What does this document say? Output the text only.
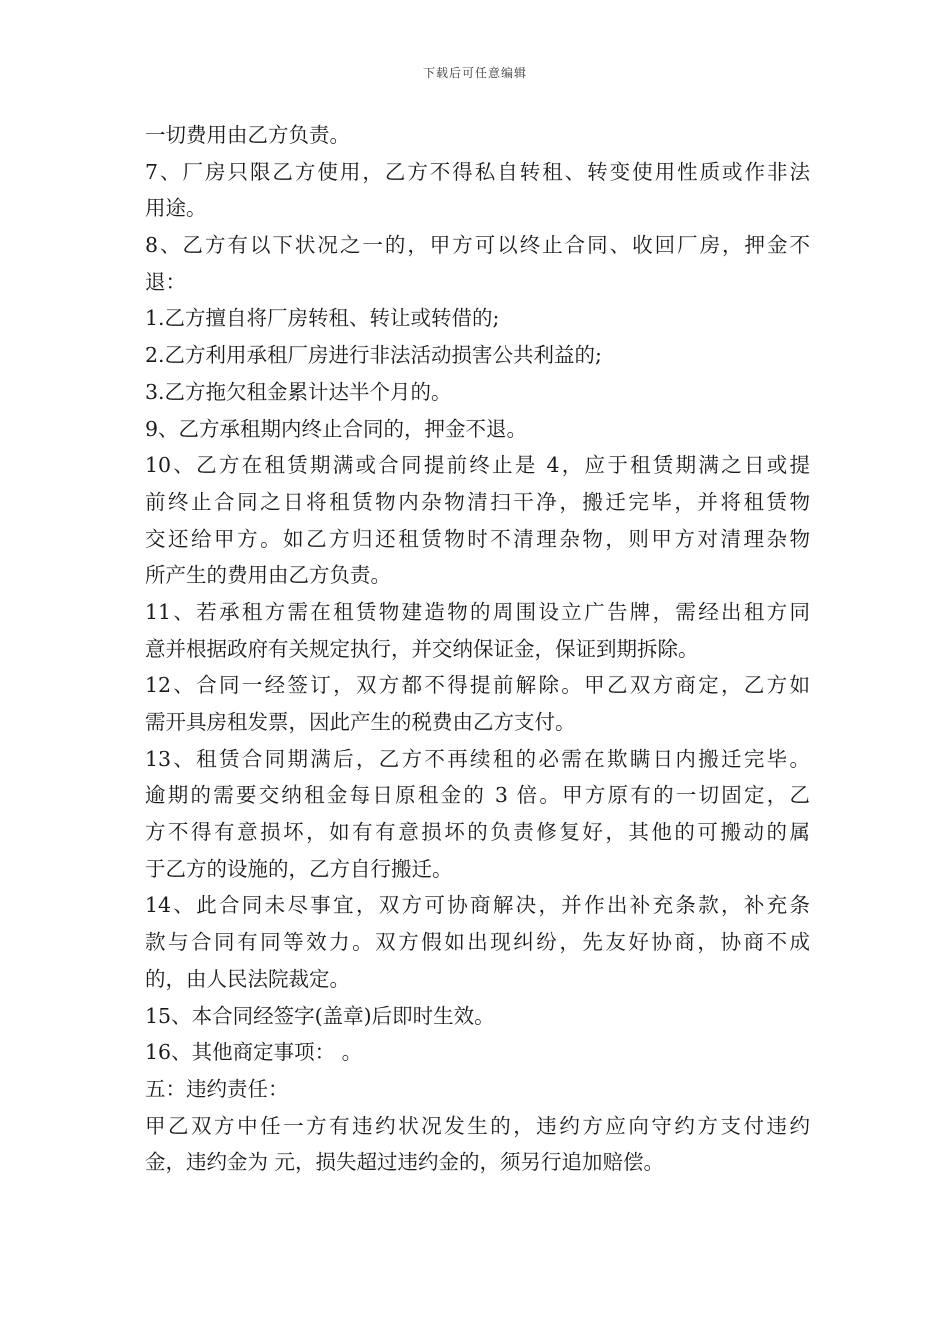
下载后可任意编辑
一切费用由乙方负责。
7、厂房只限乙方使用，乙方不得私自转租、转变使用性质或作非法
用途。
8、乙方有以下状况之一的，甲方可以终止合同、收回厂房，押金不
退：
1.乙方擅自将厂房转租、转让或转借的;
2.乙方利用承租厂房进行非法活动损害公共利益的;
3.乙方拖欠租金累计达半个月的。
9、乙方承租期内终止合同的，押金不退。
10、乙方在租赁期满或合同提前终止是 4，应于租赁期满之日或提
前终止合同之日将租赁物内杂物清扫干净，搬迁完毕，并将租赁物
交还给甲方。如乙方归还租赁物时不清理杂物，则甲方对清理杂物
所产生的费用由乙方负责。
11、若承租方需在租赁物建造物的周围设立广告牌，需经出租方同
意并根据政府有关规定执行，并交纳保证金，保证到期拆除。
12、合同一经签订，双方都不得提前解除。甲乙双方商定，乙方如
需开具房租发票，因此产生的税费由乙方支付。
13、租赁合同期满后，乙方不再续租的必需在欺瞒日内搬迁完毕。
逾期的需要交纳租金每日原租金的 3 倍。甲方原有的一切固定，乙
方不得有意损坏，如有有意损坏的负责修复好，其他的可搬动的属
于乙方的设施的，乙方自行搬迁。
14、此合同未尽事宜，双方可协商解决，并作出补充条款，补充条
款与合同有同等效力。双方假如出现纠纷，先友好协商，协商不成
的，由人民法院裁定。
15、本合同经签字(盖章)后即时生效。
16、其他商定事项： 。
五：违约责任：
甲乙双方中任一方有违约状况发生的，违约方应向守约方支付违约
金，违约金为 元，损失超过违约金的，须另行追加赔偿。
